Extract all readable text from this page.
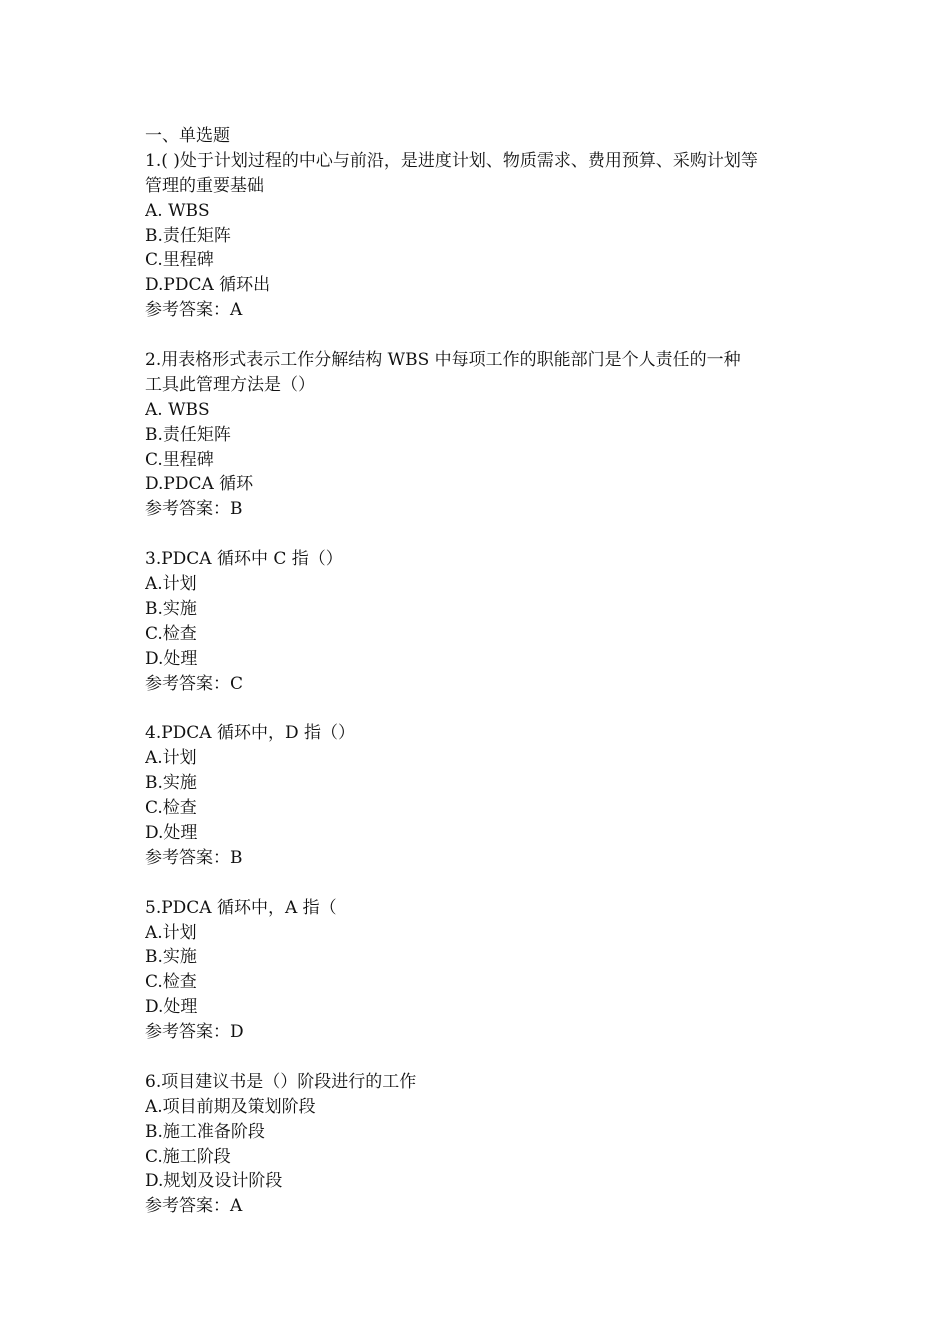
一、单选题
1.( )处于计划过程的中心与前沿，是进度计划、物质需求、费用预算、采购计划等
管理的重要基础
A. WBS
B.责任矩阵
C.里程碑
D.PDCA 循环出
参考答案：A
2.用表格形式表示工作分解结构 WBS 中每项工作的职能部门是个人责任的一种
工具此管理方法是（）
A. WBS
B.责任矩阵
C.里程碑
D.PDCA 循环
参考答案：B
3.PDCA 循环中 C 指（）
A.计划
B.实施
C.检查
D.处理
参考答案：C
4.PDCA 循环中，D 指（）
A.计划
B.实施
C.检查
D.处理
参考答案：B
5.PDCA 循环中，A 指（
A.计划
B.实施
C.检查
D.处理
参考答案：D
6.项目建议书是（）阶段进行的工作
A.项目前期及策划阶段
B.施工准备阶段
C.施工阶段
D.规划及设计阶段
参考答案：A
